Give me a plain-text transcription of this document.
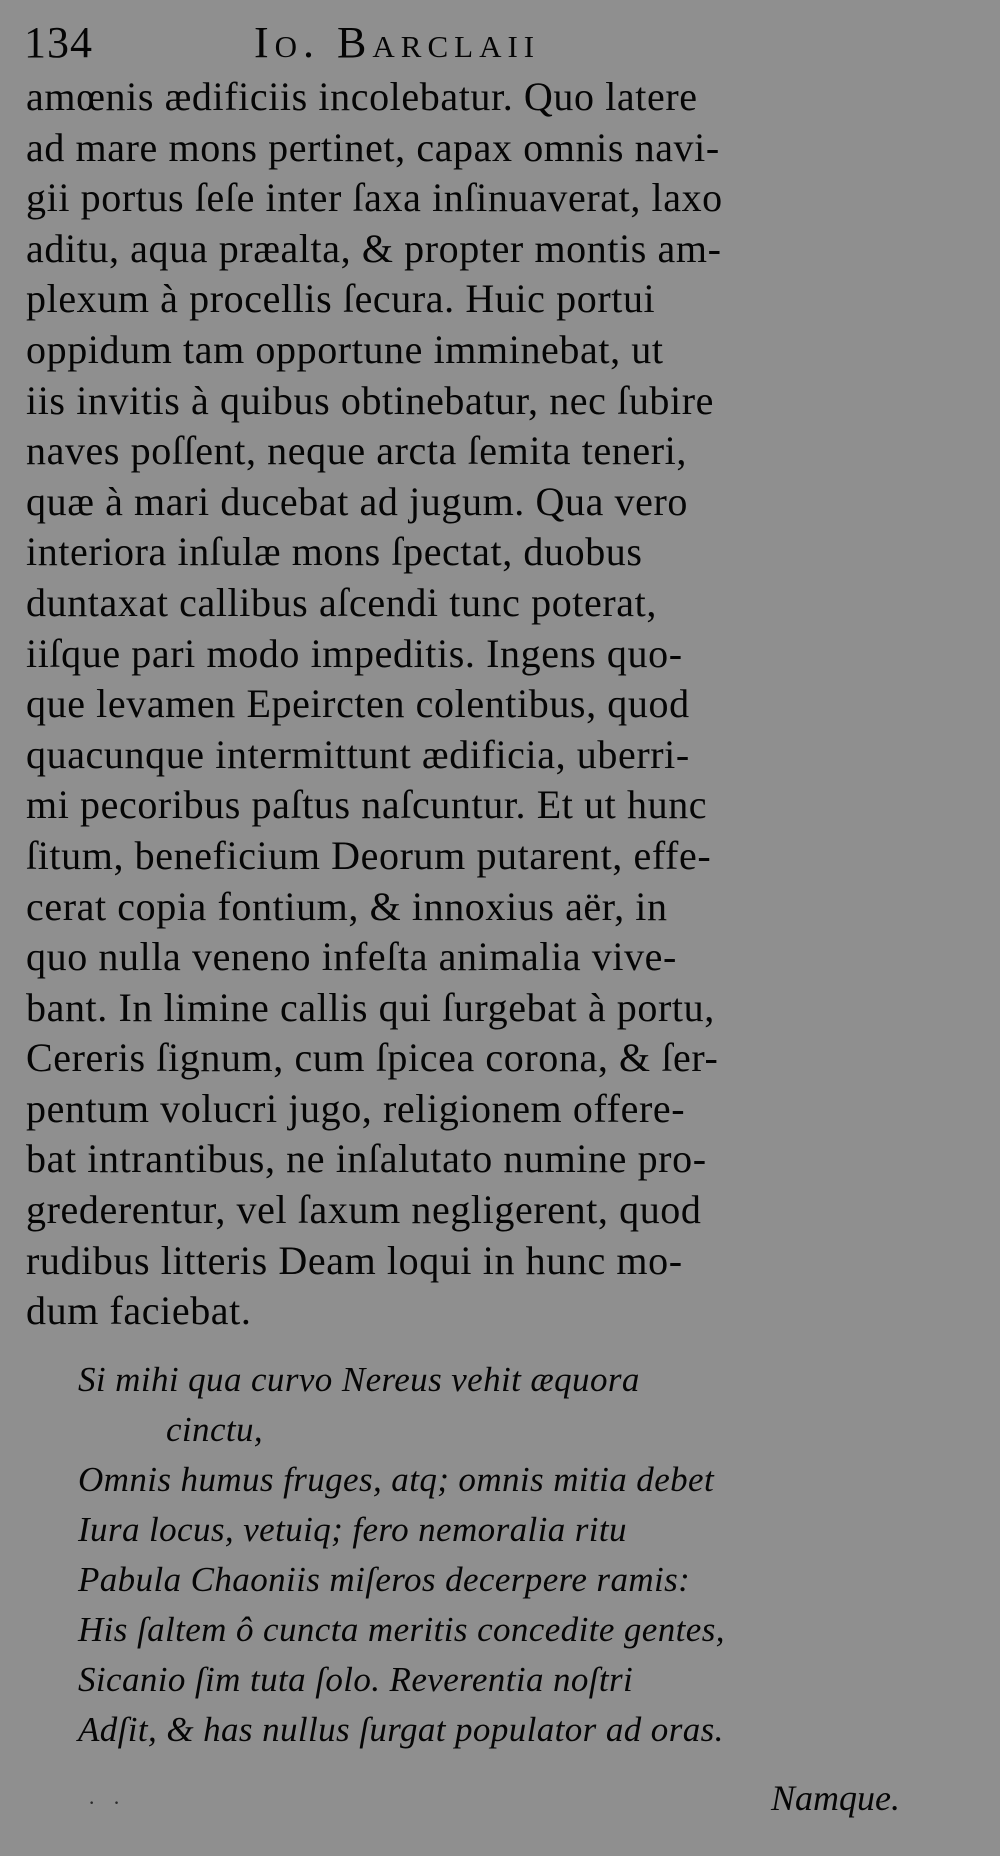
134	Io. Barclaii
amœnis ædificiis incolebatur. Quo latere
ad mare mons pertinet, capax omnis navi-
gii portus ſeſe inter ſaxa inſinuaverat, laxo
aditu, aqua præalta, & propter montis am-
plexum à procellis ſecura. Huic portui
oppidum tam opportune imminebat, ut
iis invitis à quibus obtinebatur, nec ſubire
naves poſſent, neque arcta ſemita teneri,
quæ à mari ducebat ad jugum. Qua vero
interiora inſulæ mons ſpectat, duobus
duntaxat callibus aſcendi tunc poterat,
iiſque pari modo impeditis. Ingens quo-
que levamen Epeircten colentibus, quod
quacunque intermittunt ædificia, uberri-
mi pecoribus paſtus naſcuntur. Et ut hunc
ſitum, beneficium Deorum putarent, effe-
cerat copia fontium, & innoxius aër, in
quo nulla veneno infeſta animalia vive-
bant. In limine callis qui ſurgebat à portu,
Cereris ſignum, cum ſpicea corona, & ſer-
pentum volucri jugo, religionem offere-
bat intrantibus, ne inſalutato numine pro-
grederentur, vel ſaxum negligerent, quod
rudibus litteris Deam loqui in hunc mo-
dum faciebat.
Si mihi qua curvo Nereus vehit æquora
cinctu,
Omnis humus fruges, atq; omnis mitia debet
Iura locus, vetuiq; fero nemoralia ritu
Pabula Chaoniis miſeros decerpere ramis:
His ſaltem ô cuncta meritis concedite gentes,
Sicanio ſim tuta ſolo. Reverentia noſtri
Adſit, & has nullus ſurgat populator ad oras.
Namque.
· ·
